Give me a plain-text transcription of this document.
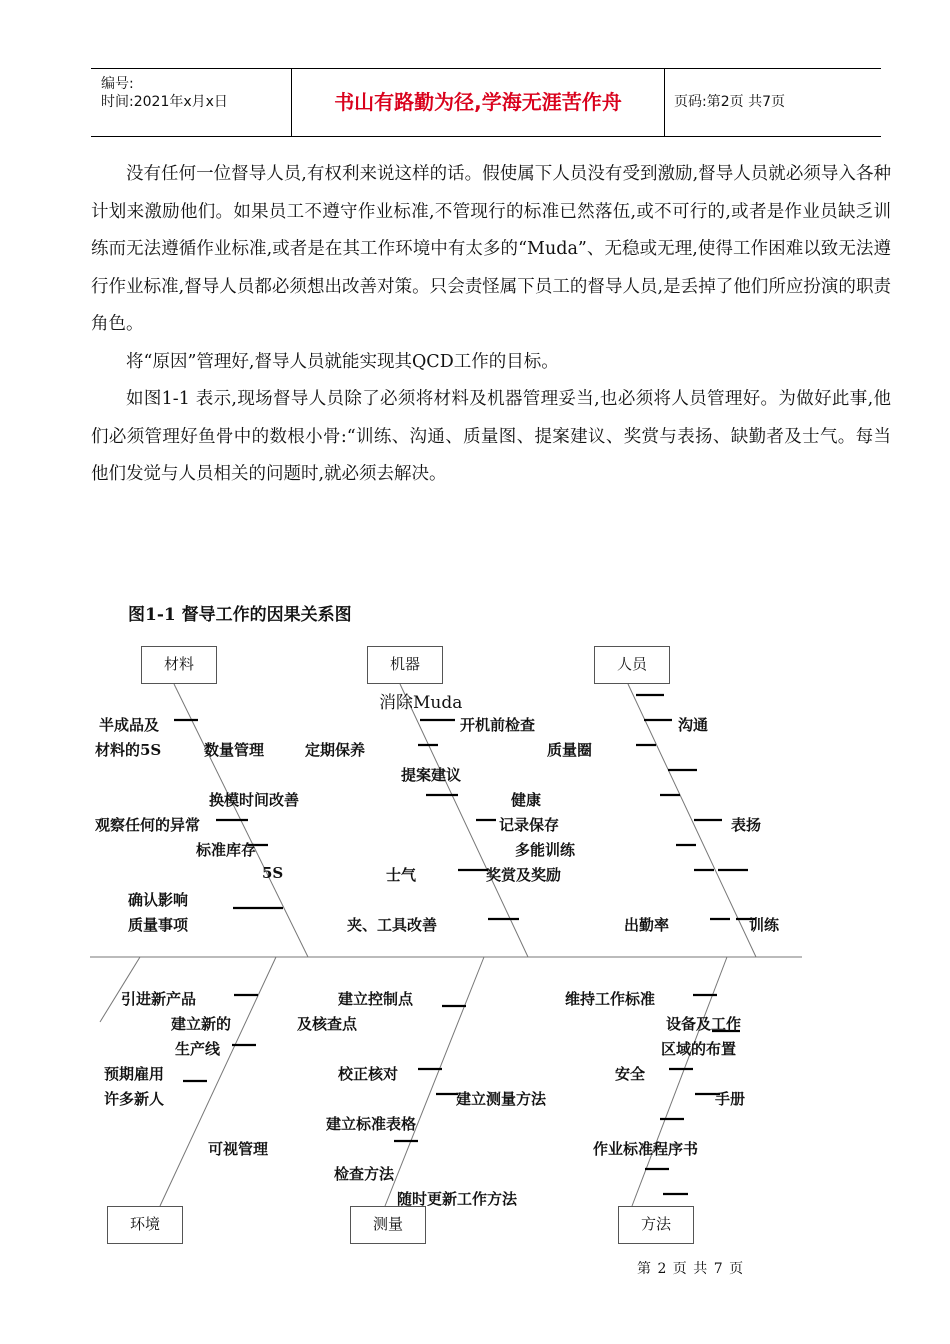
编号:
时间:2021年x月x日	书山有路勤为径,学海无涯苦作舟	页码:第2页 共7页

没有任何一位督导人员,有权利来说这样的话。假使属下人员没有受到激励,督导人员就必须导入各种计划来激励他们。如果员工不遵守作业标准,不管现行的标准已然落伍,或不可行的,或者是作业员缺乏训练而无法遵循作业标准,或者是在其工作环境中有太多的“Muda”、无稳或无理,使得工作困难以致无法遵行作业标准,督导人员都必须想出改善对策。只会责怪属下员工的督导人员,是丢掉了他们所应扮演的职责角色。

将“原因”管理好,督导人员就能实现其QCD工作的目标。

如图1-1 表示,现场督导人员除了必须将材料及机器管理妥当,也必须将人员管理好。为做好此事,他们必须管理好鱼骨中的数根小骨:“训练、沟通、质量图、提案建议、奖赏与表扬、缺勤者及士气。每当他们发觉与人员相关的问题时,就必须去解决。

图1-1 督导工作的因果关系图
材料	机器	人员
环境	测量	方法
消除Muda
半成品及
材料的5S	数量管理	定期保养
开机前检查	沟通
质量圈
提案建议
换模时间改善	健康
观察任何的异常	记录保存	表扬
标准库存	多能训练
5S	士气	奖赏及奖励
确认影响
质量事项	夹、工具改善	出勤率	训练
引进新产品	建立控制点	维持工作标准
建立新的	及核查点	设备及工作
生产线	区域的布置
预期雇用	校正核对	安全
许多新人	建立测量方法	手册
建立标准表格
可视管理	作业标准程序书
检查方法
随时更新工作方法
第 2 页 共 7 页
